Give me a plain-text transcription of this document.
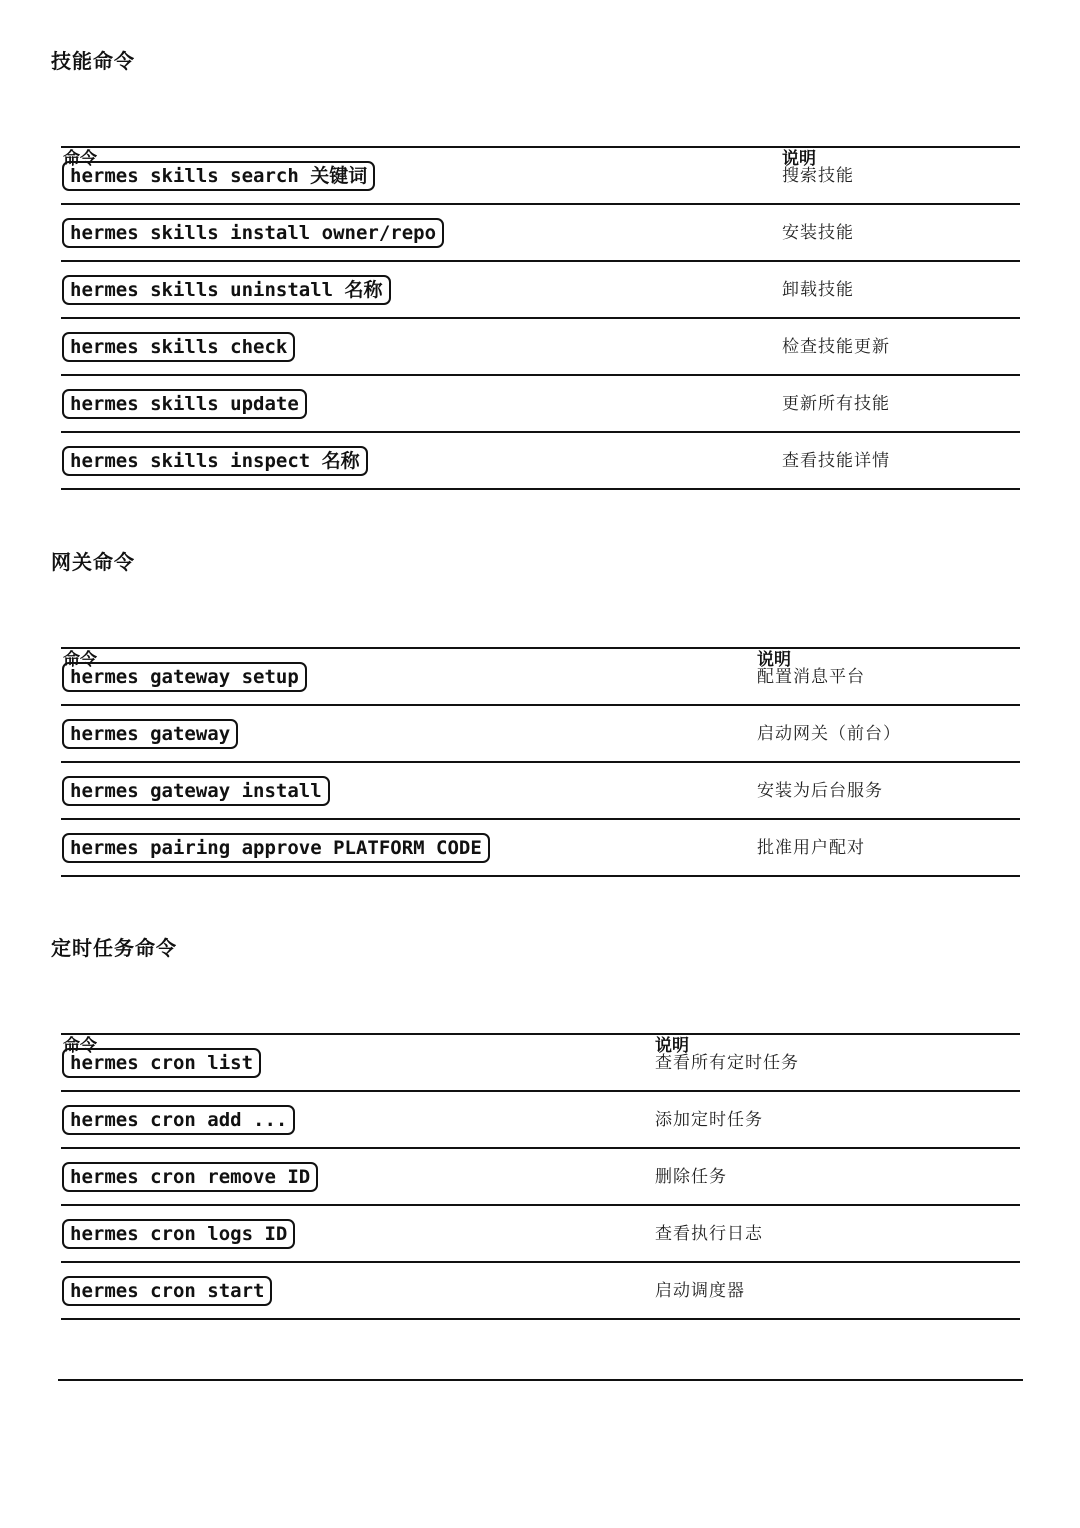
技能命令
命令	说明
hermes skills search 关键词	搜索技能
hermes skills install owner/repo	安装技能
hermes skills uninstall 名称	卸载技能
hermes skills check	检查技能更新
hermes skills update	更新所有技能
hermes skills inspect 名称	查看技能详情
网关命令
命令	说明
hermes gateway setup	配置消息平台
hermes gateway	启动网关（前台）
hermes gateway install	安装为后台服务
hermes pairing approve PLATFORM CODE	批准用户配对
定时任务命令
命令	说明
hermes cron list	查看所有定时任务
hermes cron add ...	添加定时任务
hermes cron remove ID	删除任务
hermes cron logs ID	查看执行日志
hermes cron start	启动调度器
